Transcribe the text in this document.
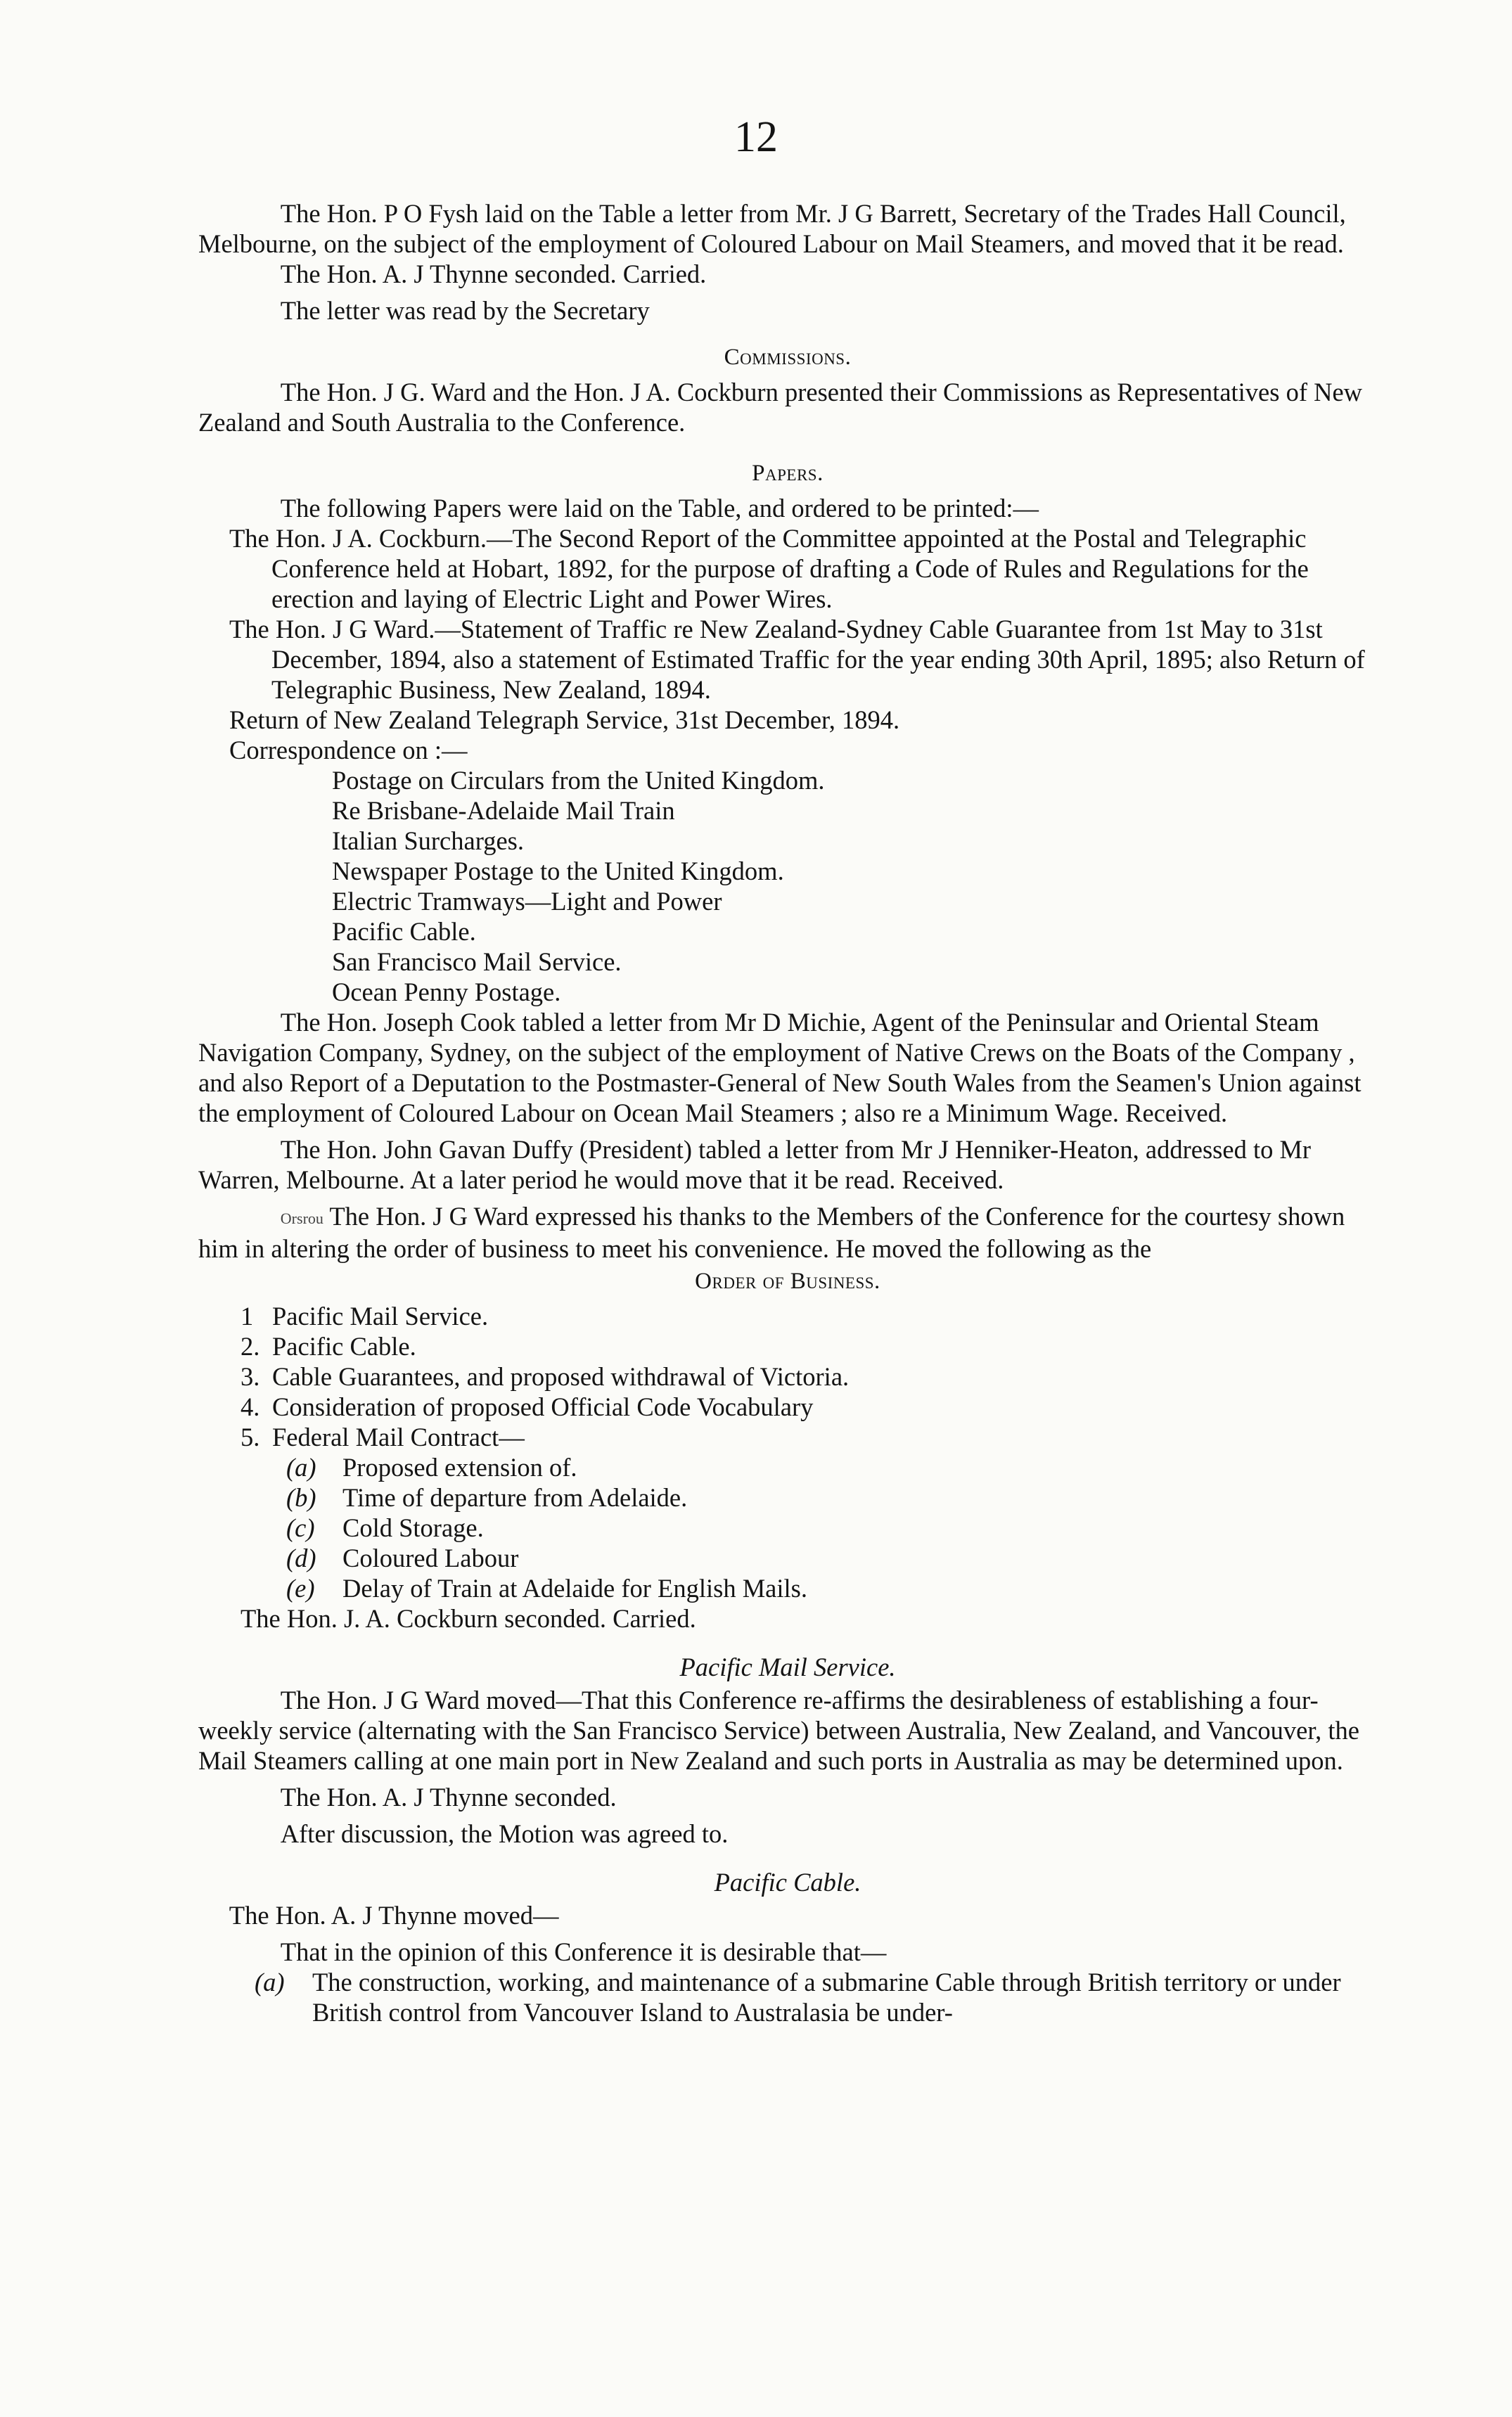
12

The Hon. P O Fysh laid on the Table a letter from Mr. J G Barrett, Secretary of the Trades Hall Council, Melbourne, on the subject of the employment of Coloured Labour on Mail Steamers, and moved that it be read.

The Hon. A. J Thynne seconded. Carried.

The letter was read by the Secretary

Commissions.

The Hon. J G. Ward and the Hon. J A. Cockburn presented their Commissions as Representatives of New Zealand and South Australia to the Conference.

Papers.

The following Papers were laid on the Table, and ordered to be printed:—

The Hon. J A. Cockburn.—The Second Report of the Committee appointed at the Postal and Telegraphic Conference held at Hobart, 1892, for the purpose of drafting a Code of Rules and Regulations for the erection and laying of Electric Light and Power Wires.

The Hon. J G Ward.—Statement of Traffic re New Zealand-Sydney Cable Guarantee from 1st May to 31st December, 1894, also a statement of Estimated Traffic for the year ending 30th April, 1895; also Return of Telegraphic Business, New Zealand, 1894.

Return of New Zealand Telegraph Service, 31st December, 1894.

Correspondence on :—

Postage on Circulars from the United Kingdom.
Re Brisbane-Adelaide Mail Train
Italian Surcharges.
Newspaper Postage to the United Kingdom.
Electric Tramways—Light and Power
Pacific Cable.
San Francisco Mail Service.
Ocean Penny Postage.

The Hon. Joseph Cook tabled a letter from Mr D Michie, Agent of the Peninsular and Oriental Steam Navigation Company, Sydney, on the subject of the employment of Native Crews on the Boats of the Company , and also Report of a Deputation to the Postmaster-General of New South Wales from the Seamen's Union against the employment of Coloured Labour on Ocean Mail Steamers ; also re a Minimum Wage. Received.

The Hon. John Gavan Duffy (President) tabled a letter from Mr J Henniker-Heaton, addressed to Mr Warren, Melbourne. At a later period he would move that it be read. Received.

Orsrou The Hon. J G Ward expressed his thanks to the Members of the Conference for the courtesy shown him in altering the order of business to meet his convenience. He moved the following as the

Order of Business.
1 Pacific Mail Service.
2. Pacific Cable.
3. Cable Guarantees, and proposed withdrawal of Victoria.
4. Consideration of proposed Official Code Vocabulary
5. Federal Mail Contract—
(a)	Proposed extension of.
(b)	Time of departure from Adelaide.
(c)	Cold Storage.
(d)	Coloured Labour
(e)	Delay of Train at Adelaide for English Mails.

The Hon. J. A. Cockburn seconded. Carried.

Pacific Mail Service.

The Hon. J G Ward moved—That this Conference re-affirms the desirableness of establishing a four-weekly service (alternating with the San Francisco Service) between Australia, New Zealand, and Vancouver, the Mail Steamers calling at one main port in New Zealand and such ports in Australia as may be determined upon.

The Hon. A. J Thynne seconded.

After discussion, the Motion was agreed to.

Pacific Cable.

The Hon. A. J Thynne moved—

That in the opinion of this Conference it is desirable that—

(a)	The construction, working, and maintenance of a submarine Cable through British territory or under British control from Vancouver Island to Australasia be under-
